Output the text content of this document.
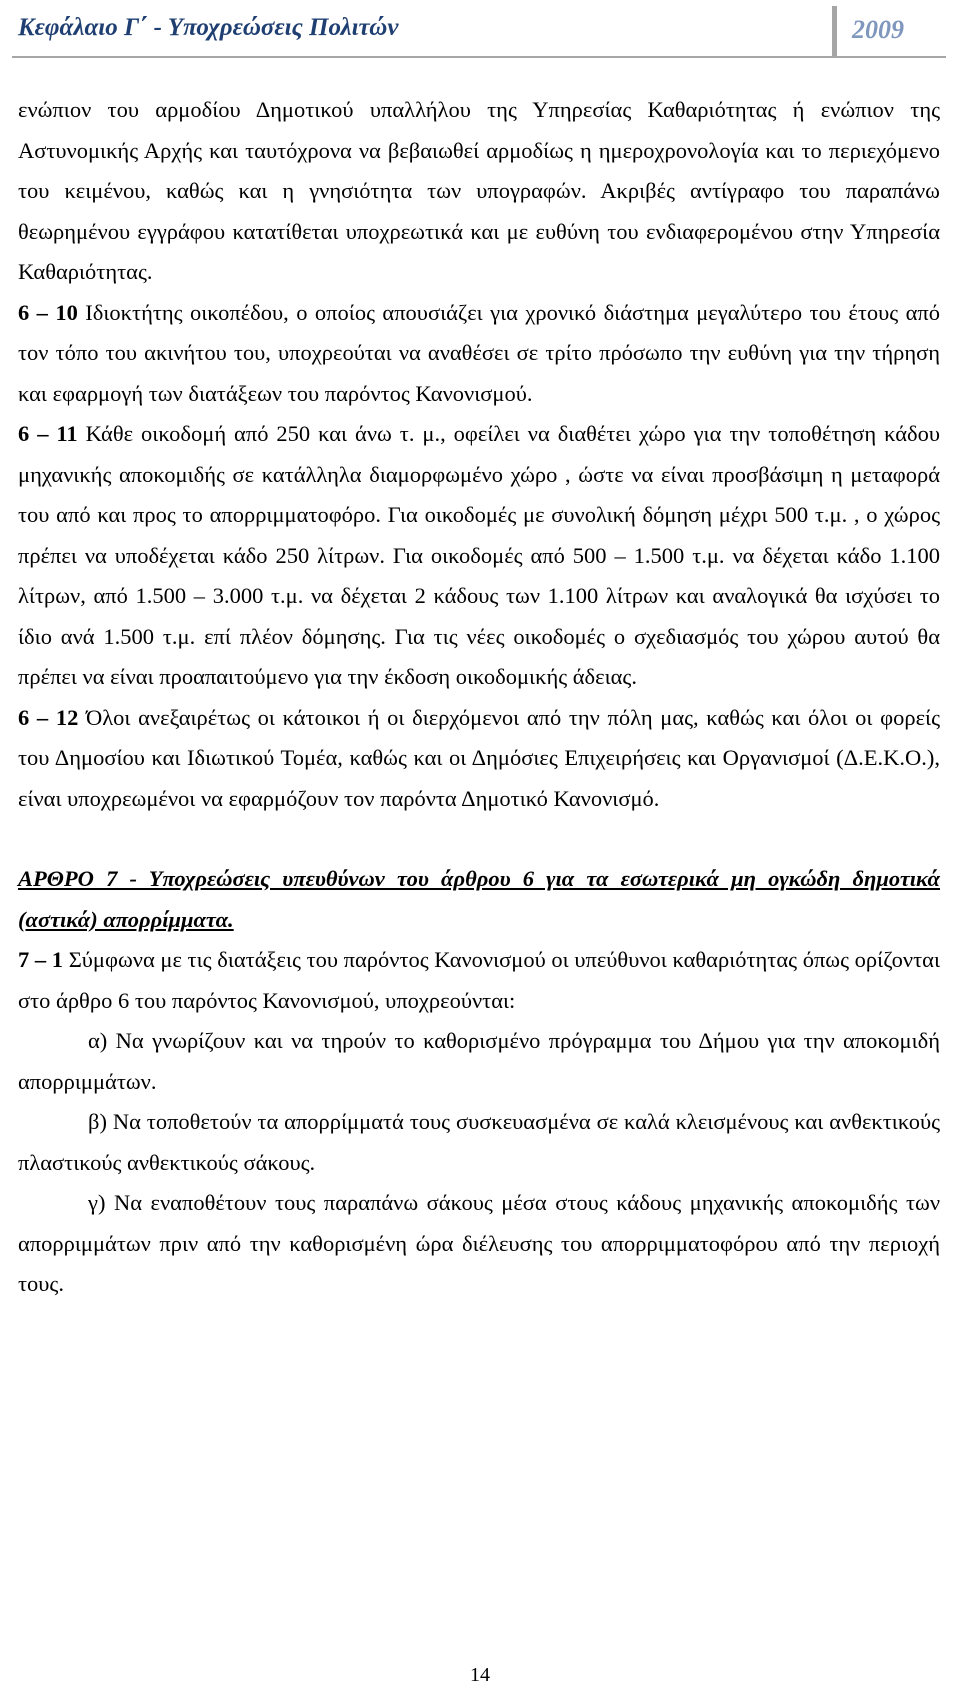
Κεφάλαιο Γ΄ - Υποχρεώσεις Πολιτών	2009

ενώπιον του αρμοδίου Δημοτικού υπαλλήλου της Υπηρεσίας Καθαριότητας ή ενώπιον της Αστυνομικής Αρχής και ταυτόχρονα να βεβαιωθεί αρμοδίως η ημεροχρονολογία και το περιεχόμενο του κειμένου, καθώς και η γνησιότητα των υπογραφών. Ακριβές αντίγραφο του παραπάνω θεωρημένου εγγράφου κατατίθεται υποχρεωτικά και με ευθύνη του ενδιαφερομένου στην Υπηρεσία Καθαριότητας.

6 – 10 Ιδιοκτήτης οικοπέδου, ο οποίος απουσιάζει για χρονικό διάστημα μεγαλύτερο του έτους από τον τόπο του ακινήτου του, υποχρεούται να αναθέσει σε τρίτο πρόσωπο την ευθύνη για την τήρηση και εφαρμογή των διατάξεων του παρόντος Κανονισμού.

6 – 11 Κάθε οικοδομή από 250 και άνω τ. μ., οφείλει να διαθέτει χώρο για την τοποθέτηση κάδου μηχανικής αποκομιδής σε κατάλληλα διαμορφωμένο χώρο , ώστε να είναι προσβάσιμη η μεταφορά του από και προς το απορριμματοφόρο. Για οικοδομές με συνολική δόμηση μέχρι 500 τ.μ. , ο χώρος πρέπει να υποδέχεται κάδο 250 λίτρων. Για οικοδομές από 500 – 1.500 τ.μ. να δέχεται κάδο 1.100 λίτρων, από 1.500 – 3.000 τ.μ. να δέχεται 2 κάδους των 1.100 λίτρων και αναλογικά θα ισχύσει το ίδιο ανά 1.500 τ.μ. επί πλέον δόμησης. Για τις νέες οικοδομές ο σχεδιασμός του χώρου αυτού θα πρέπει να είναι προαπαιτούμενο για την έκδοση οικοδομικής άδειας.

6 – 12 Όλοι ανεξαιρέτως οι κάτοικοι ή οι διερχόμενοι από την πόλη μας, καθώς και όλοι οι φορείς του Δημοσίου και Ιδιωτικού Τομέα, καθώς και οι Δημόσιες Επιχειρήσεις και Οργανισμοί (Δ.Ε.Κ.Ο.), είναι υποχρεωμένοι να εφαρμόζουν τον παρόντα Δημοτικό Κανονισμό.

ΑΡΘΡΟ 7 - Υποχρεώσεις υπευθύνων του άρθρου 6 για τα εσωτερικά μη ογκώδη δημοτικά (αστικά) απορρίμματα.

7 – 1 Σύμφωνα με τις διατάξεις του παρόντος Κανονισμού οι υπεύθυνοι καθαριότητας όπως ορίζονται στο άρθρο 6 του παρόντος Κανονισμού, υποχρεούνται:

α) Να γνωρίζουν και να τηρούν το καθορισμένο πρόγραμμα του Δήμου για την αποκομιδή απορριμμάτων.

β) Να τοποθετούν τα απορρίμματά τους συσκευασμένα σε καλά κλεισμένους και ανθεκτικούς πλαστικούς ανθεκτικούς σάκους.

γ) Να εναποθέτουν τους παραπάνω σάκους μέσα στους κάδους μηχανικής αποκομιδής των απορριμμάτων πριν από την καθορισμένη ώρα διέλευσης του απορριμματοφόρου από την περιοχή τους.

14
